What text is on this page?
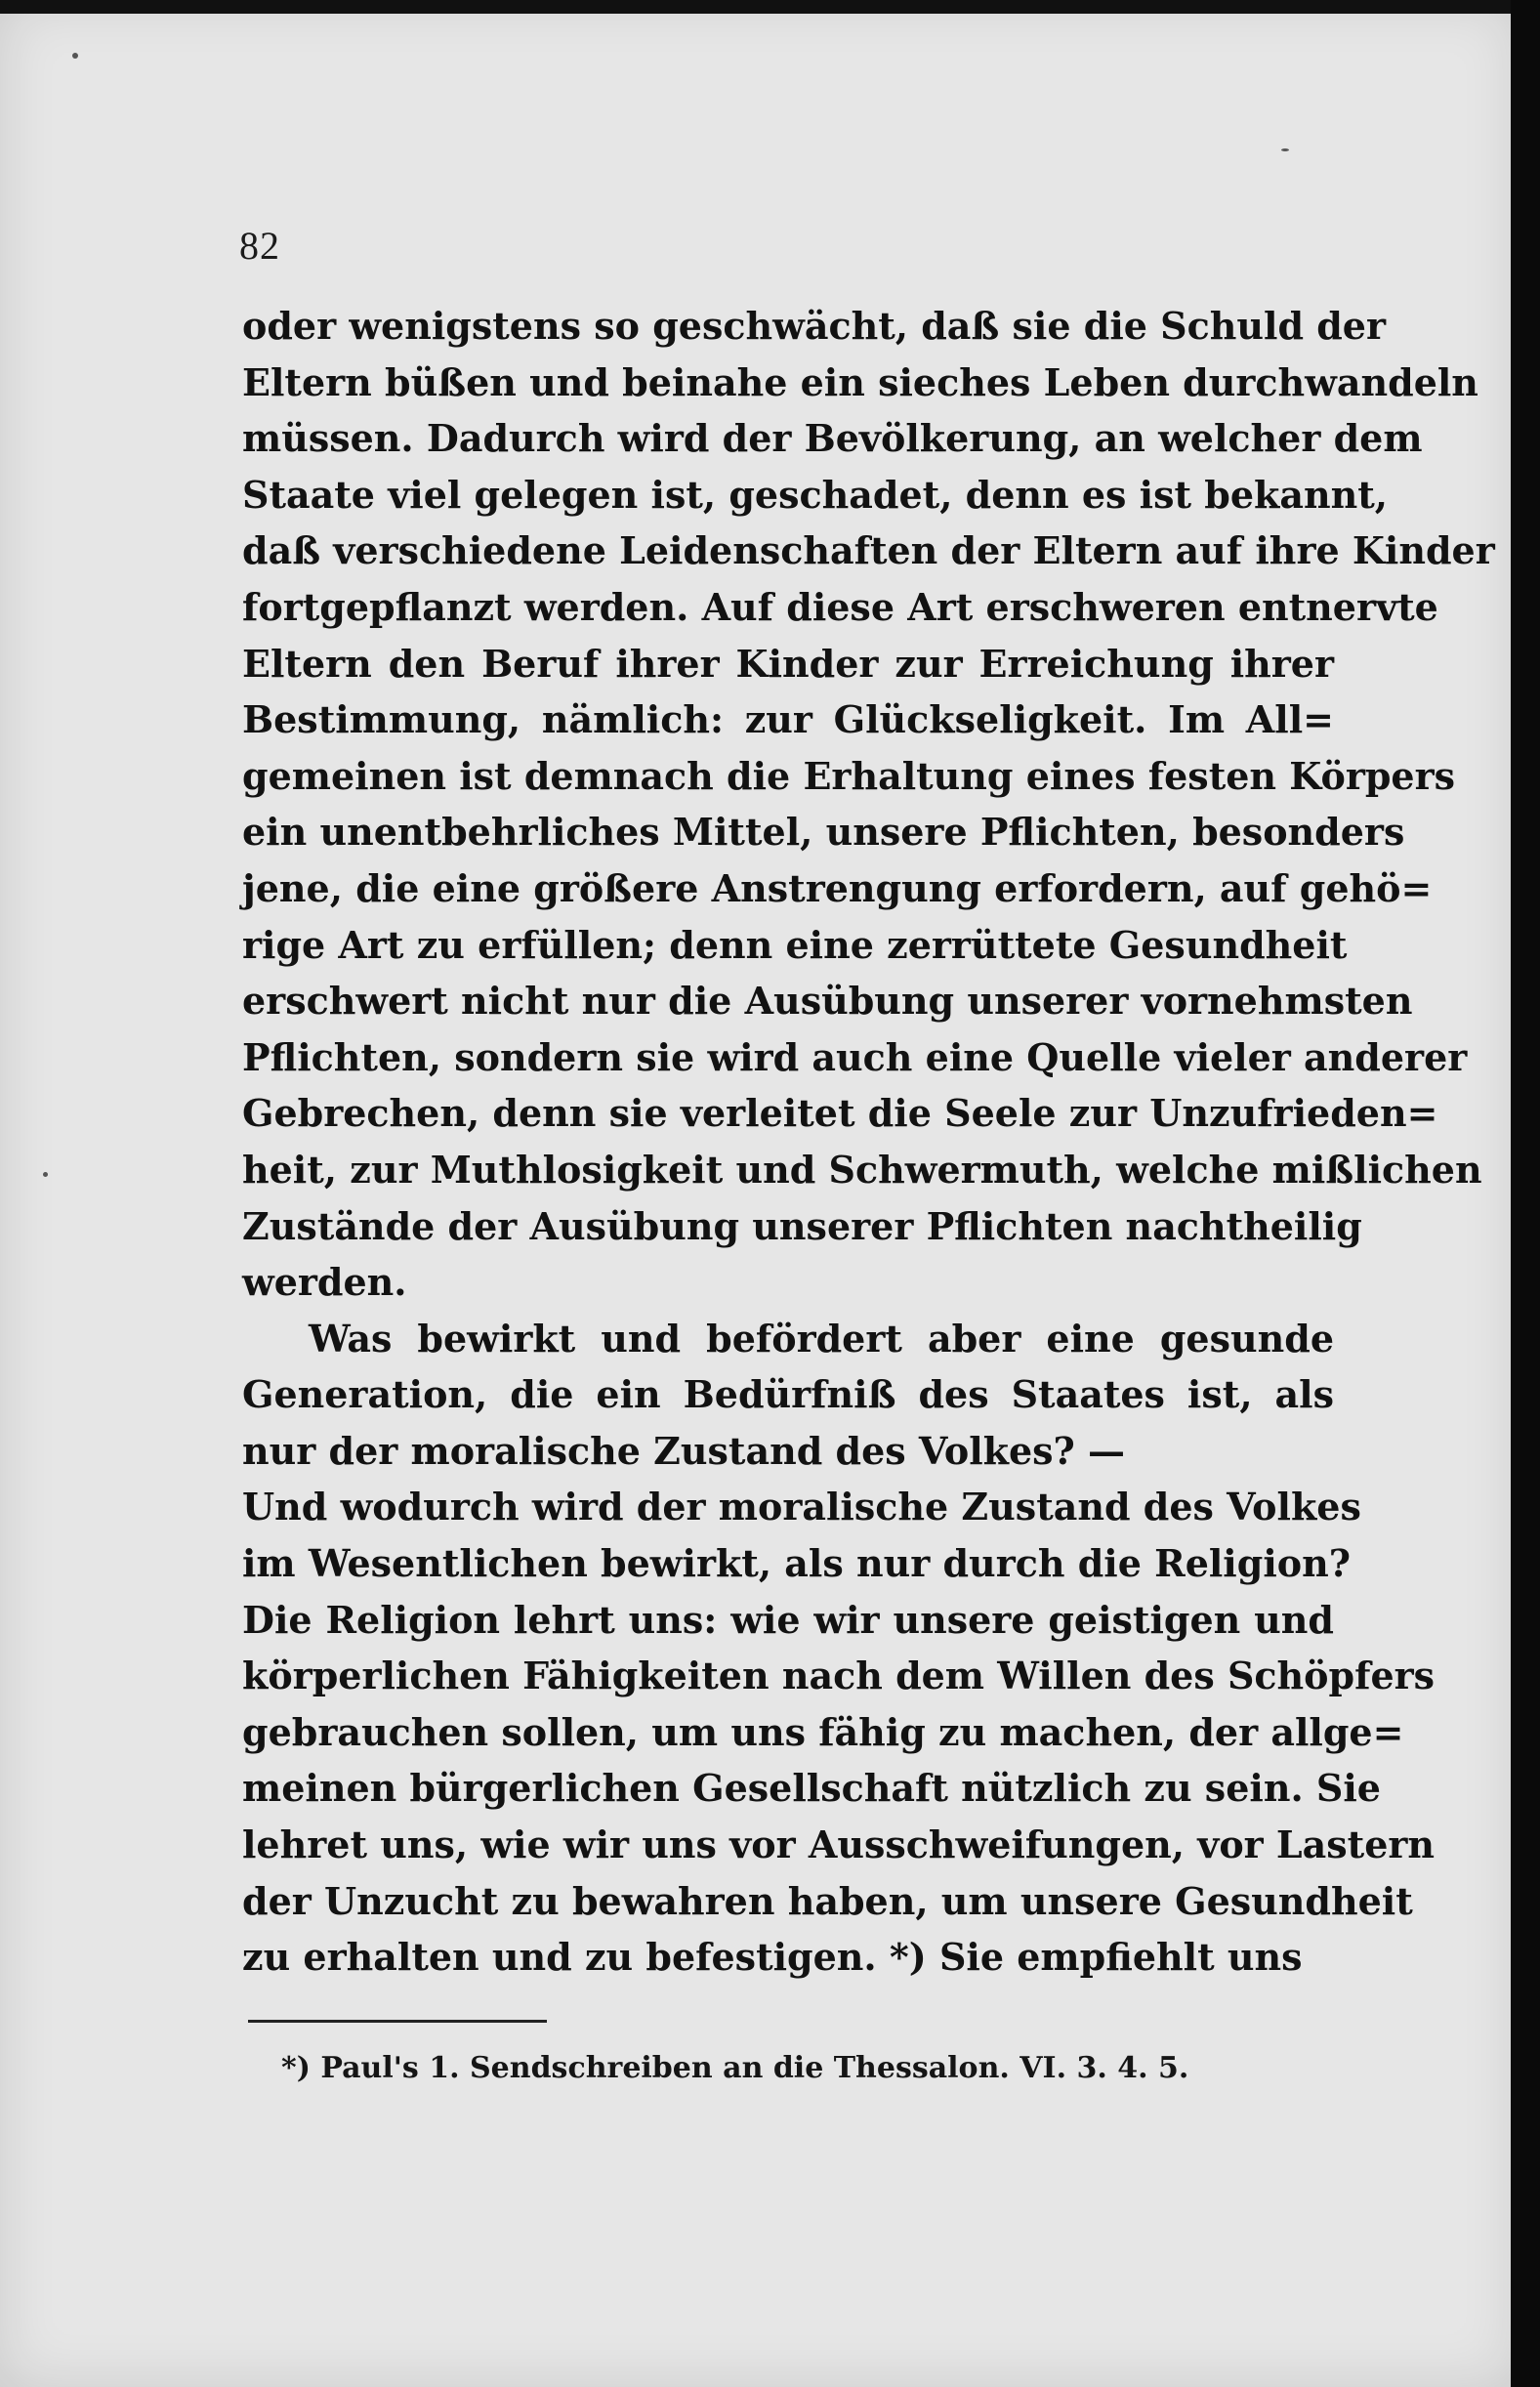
82
oder wenigstens so geschwächt, daß sie die Schuld der
Eltern büßen und beinahe ein sieches Leben durchwandeln
müssen. Dadurch wird der Bevölkerung, an welcher dem
Staate viel gelegen ist, geschadet, denn es ist bekannt,
daß verschiedene Leidenschaften der Eltern auf ihre Kinder
fortgepflanzt werden. Auf diese Art erschweren entnervte
Eltern den Beruf ihrer Kinder zur Erreichung ihrer
Bestimmung, nämlich: zur Glückseligkeit. Im All=
gemeinen ist demnach die Erhaltung eines festen Körpers
ein unentbehrliches Mittel, unsere Pflichten, besonders
jene, die eine größere Anstrengung erfordern, auf gehö=
rige Art zu erfüllen; denn eine zerrüttete Gesundheit
erschwert nicht nur die Ausübung unserer vornehmsten
Pflichten, sondern sie wird auch eine Quelle vieler anderer
Gebrechen, denn sie verleitet die Seele zur Unzufrieden=
heit, zur Muthlosigkeit und Schwermuth, welche mißlichen
Zustände der Ausübung unserer Pflichten nachtheilig
werden.
Was bewirkt und befördert aber eine gesunde
Generation, die ein Bedürfniß des Staates ist, als
nur der moralische Zustand des Volkes? —
Und wodurch wird der moralische Zustand des Volkes
im Wesentlichen bewirkt, als nur durch die Religion?
Die Religion lehrt uns: wie wir unsere geistigen und
körperlichen Fähigkeiten nach dem Willen des Schöpfers
gebrauchen sollen, um uns fähig zu machen, der allge=
meinen bürgerlichen Gesellschaft nützlich zu sein. Sie
lehret uns, wie wir uns vor Ausschweifungen, vor Lastern
der Unzucht zu bewahren haben, um unsere Gesundheit
zu erhalten und zu befestigen. *) Sie empfiehlt uns
*) Paul's 1. Sendschreiben an die Thessalon. VI. 3. 4. 5.
